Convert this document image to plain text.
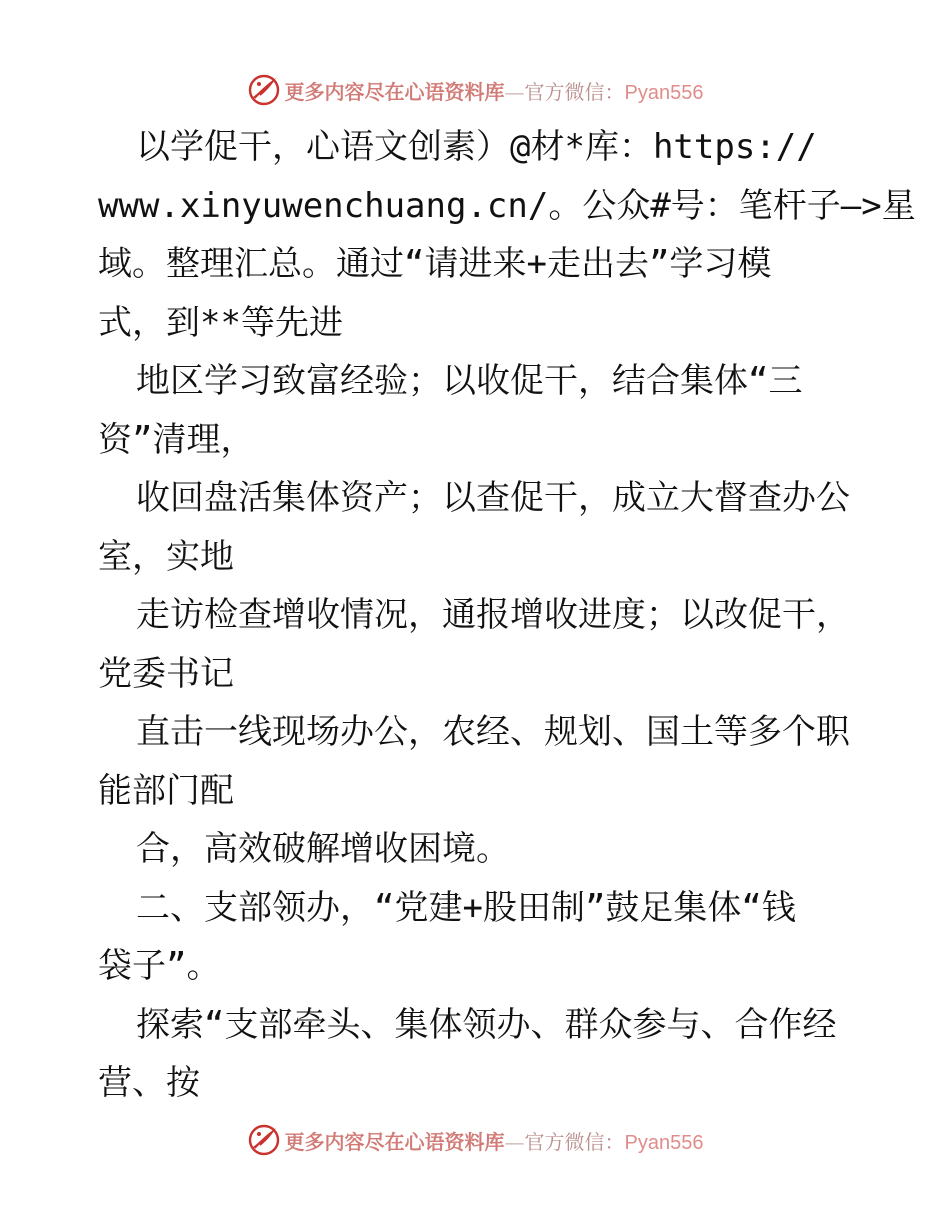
更多内容尽在心语资料库—官方微信：Pyan556
以学促干，心语文创素）@材*库：https://
www.xinyuwenchuang.cn/。公众#号：笔杆子—>星
域。整理汇总。通过“请进来+走出去”学习模
式，到**等先进
地区学习致富经验；以收促干，结合集体“三
资”清理，
收回盘活集体资产；以查促干，成立大督查办公
室，实地
走访检查增收情况，通报增收进度；以改促干，
党委书记
直击一线现场办公，农经、规划、国土等多个职
能部门配
合，高效破解增收困境。
二、支部领办，“党建+股田制”鼓足集体“钱
袋子”。
探索“支部牵头、集体领办、群众参与、合作经
营、按
更多内容尽在心语资料库—官方微信：Pyan556
